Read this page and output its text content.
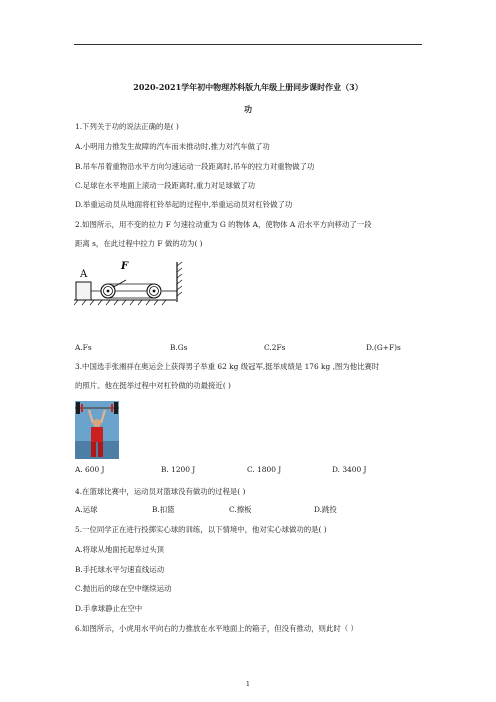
2020-2021学年初中物理苏科版九年级上册同步课时作业（3）
功
1.下列关于功的说法正确的是( )
A.小明用力推发生故障的汽车而未推动时,推力对汽车做了功
B.吊车吊着重物沿水平方向匀速运动一段距离时,吊车的拉力对重物做了功
C.足球在水平地面上滚动一段距离时,重力对足球做了功
D.举重运动员从地面将杠铃举起的过程中,举重运动员对杠铃做了功
2.如图所示，用不变的拉力 F 匀速拉动重为 G 的物体 A，使物体 A 沿水平方向移动了一段
距离 s，在此过程中拉力 F 做的功为( )
A
F
A.Fs	B.Gs	C.2Fs	D.(G+F)s
3.中国选手张湘祥在奥运会上获得男子举重 62 kg 级冠军,挺举成绩是 176 kg ,图为他比赛时
的照片。他在挺举过程中对杠铃做的功最接近( )
A. 600 J	B. 1200 J	C. 1800 J	D. 3400 J
4.在篮球比赛中，运动员对篮球没有做功的过程是( )
A.运球	B.扣篮	C.擦板	D.跳投
5.一位同学正在进行投掷实心球的训练，以下情境中，他对实心球做功的是( )
A.将球从地面托起举过头顶
B.手托球水平匀速直线运动
C.抛出后的球在空中继续运动
D.手拿球静止在空中
6.如图所示，小虎用水平向右的力推放在水平地面上的箱子，但没有推动，则此时（ ）
1
